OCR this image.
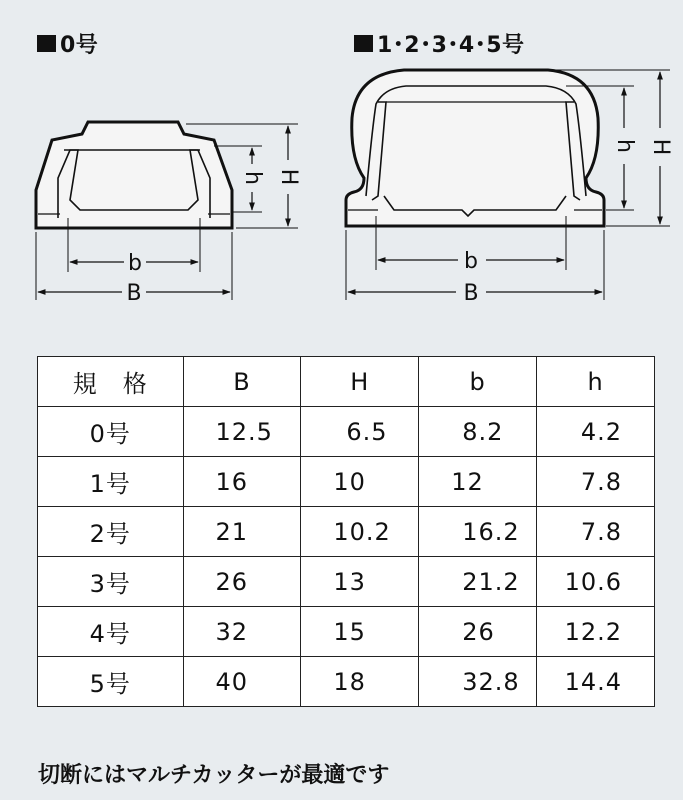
0号	1･2･3･4･5号
b
B
h H
b
B
h H
規　格	B	H	b	h
0号	12.5	6.5	8.2	4.2
1号	16	10	12	7.8
2号	21	10.2	16.2	7.8
3号	26	13	21.2	10.6
4号	32	15	26	12.2
5号	40	18	32.8	14.4
切断にはマルチカッターが最適です
